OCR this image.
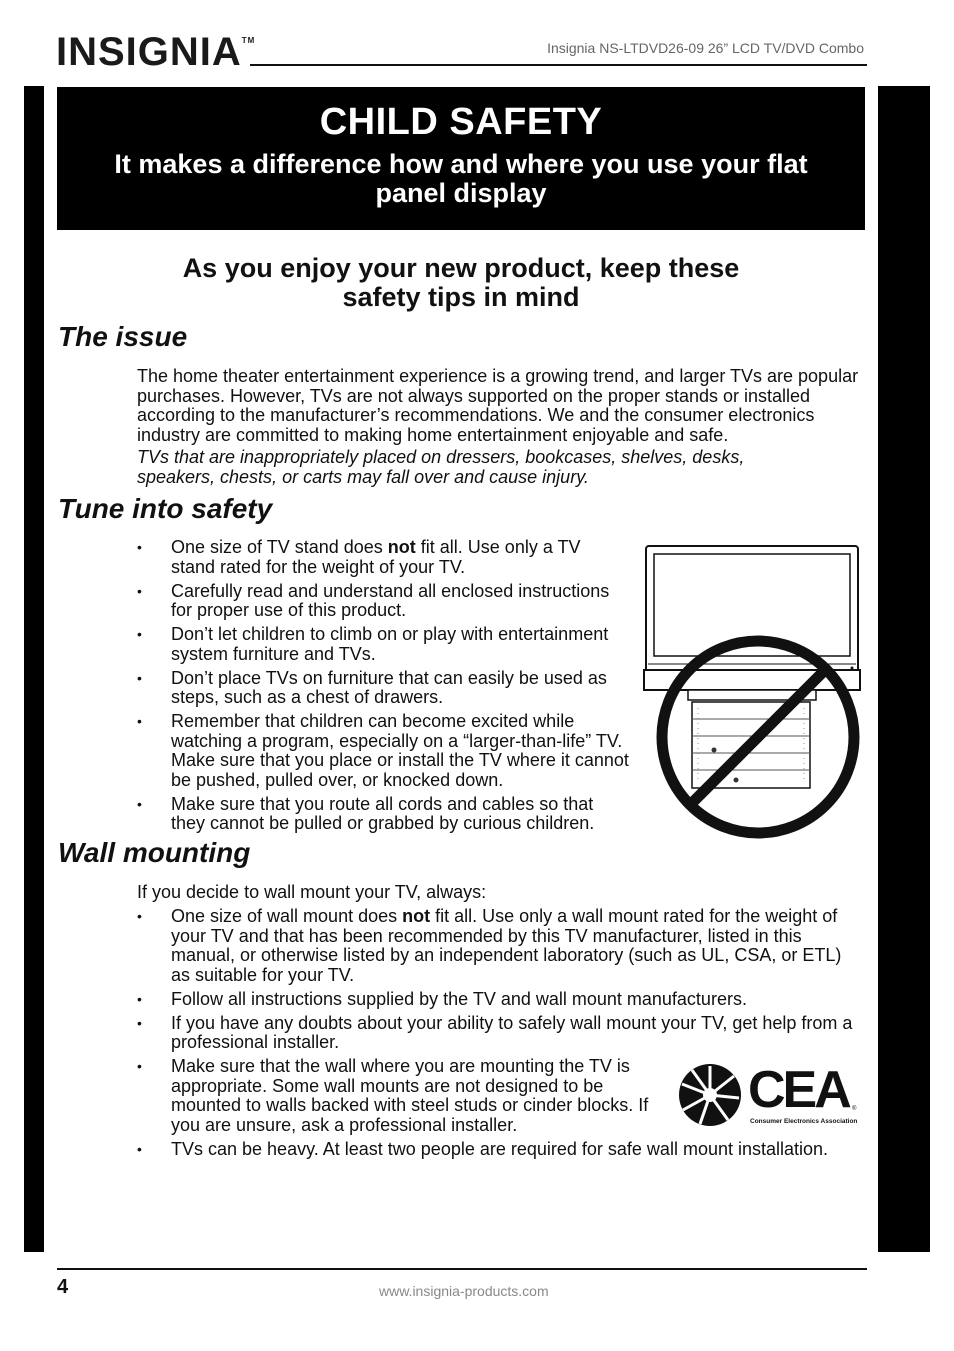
INSIGNIA™	Insignia NS-LTDVD26-09 26” LCD TV/DVD Combo
CHILD SAFETY
It makes a difference how and where you use your flat panel display
As you enjoy your new product, keep these safety tips in mind
The issue
The home theater entertainment experience is a growing trend, and larger TVs are popular purchases. However, TVs are not always supported on the proper stands or installed according to the manufacturer’s recommendations. We and the consumer electronics industry are committed to making home entertainment enjoyable and safe.
TVs that are inappropriately placed on dressers, bookcases, shelves, desks, speakers, chests, or carts may fall over and cause injury.
Tune into safety
• One size of TV stand does not fit all. Use only a TV stand rated for the weight of your TV.
• Carefully read and understand all enclosed instructions for proper use of this product.
• Don’t let children to climb on or play with entertainment system furniture and TVs.
• Don’t place TVs on furniture that can easily be used as steps, such as a chest of drawers.
• Remember that children can become excited while watching a program, especially on a “larger-than-life” TV. Make sure that you place or install the TV where it cannot be pushed, pulled over, or knocked down.
• Make sure that you route all cords and cables so that they cannot be pulled or grabbed by curious children.
Wall mounting
If you decide to wall mount your TV, always:
• One size of wall mount does not fit all. Use only a wall mount rated for the weight of your TV and that has been recommended by this TV manufacturer, listed in this manual, or otherwise listed by an independent laboratory (such as UL, CSA, or ETL) as suitable for your TV.
• Follow all instructions supplied by the TV and wall mount manufacturers.
• If you have any doubts about your ability to safely wall mount your TV, get help from a professional installer.
• Make sure that the wall where you are mounting the TV is appropriate. Some wall mounts are not designed to be mounted to walls backed with steel studs or cinder blocks. If you are unsure, ask a professional installer.
• TVs can be heavy. At least two people are required for safe wall mount installation.
CEA ®
Consumer Electronics Association
4	www.insignia-products.com
